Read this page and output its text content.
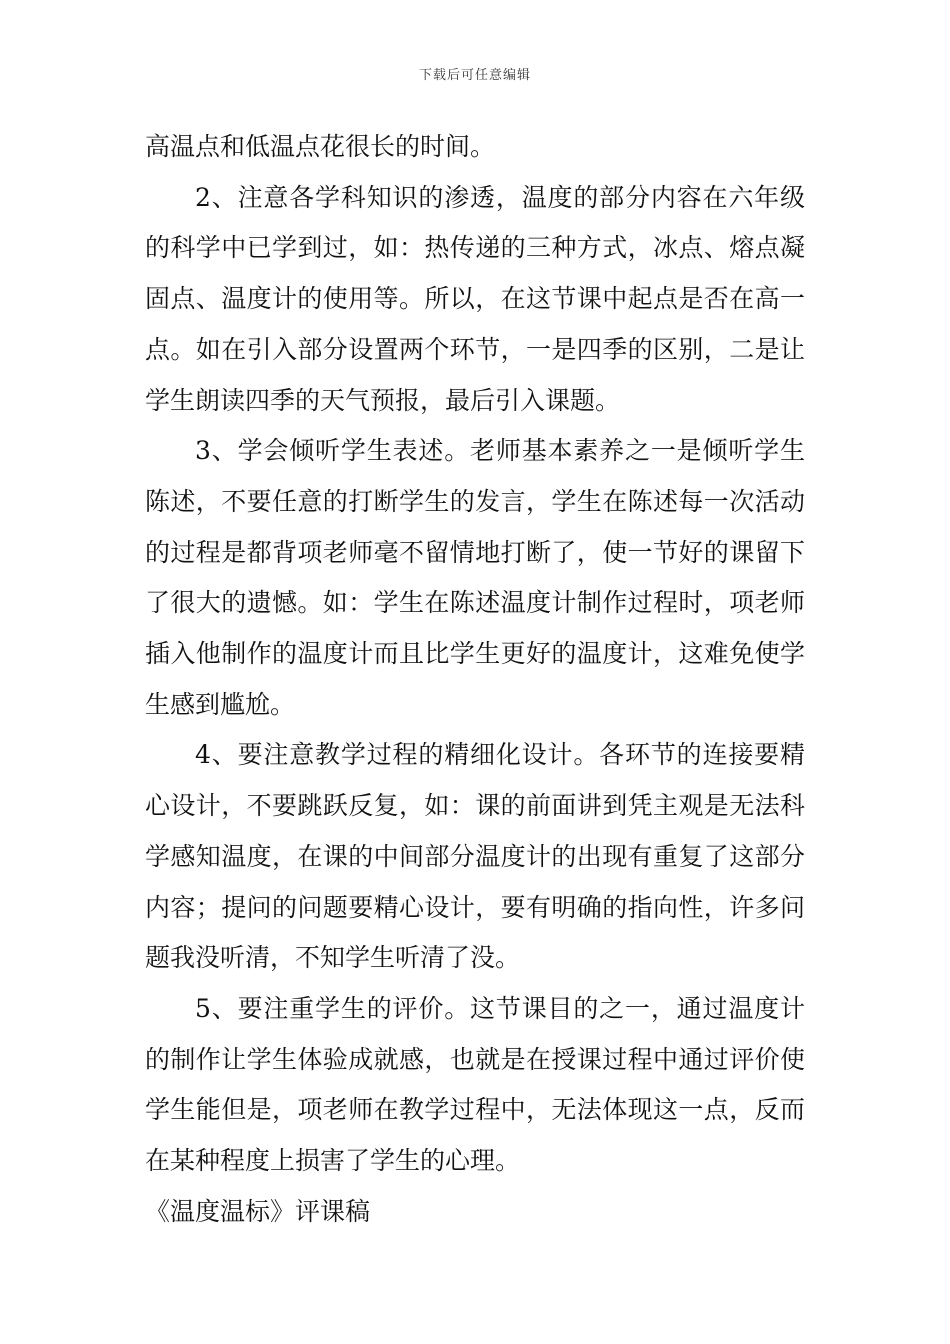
下载后可任意编辑

高温点和低温点花很长的时间。

2、注意各学科知识的渗透，温度的部分内容在六年级的科学中已学到过，如：热传递的三种方式，冰点、熔点凝固点、温度计的使用等。所以，在这节课中起点是否在高一点。如在引入部分设置两个环节，一是四季的区别，二是让学生朗读四季的天气预报，最后引入课题。

3、学会倾听学生表述。老师基本素养之一是倾听学生陈述，不要任意的打断学生的发言，学生在陈述每一次活动的过程是都背项老师毫不留情地打断了，使一节好的课留下了很大的遗憾。如：学生在陈述温度计制作过程时，项老师插入他制作的温度计而且比学生更好的温度计，这难免使学生感到尴尬。

4、要注意教学过程的精细化设计。各环节的连接要精心设计，不要跳跃反复，如：课的前面讲到凭主观是无法科学感知温度，在课的中间部分温度计的出现有重复了这部分内容；提问的问题要精心设计，要有明确的指向性，许多问题我没听清，不知学生听清了没。

5、要注重学生的评价。这节课目的之一，通过温度计的制作让学生体验成就感，也就是在授课过程中通过评价使学生能但是，项老师在教学过程中，无法体现这一点，反而在某种程度上损害了学生的心理。

《温度温标》评课稿
